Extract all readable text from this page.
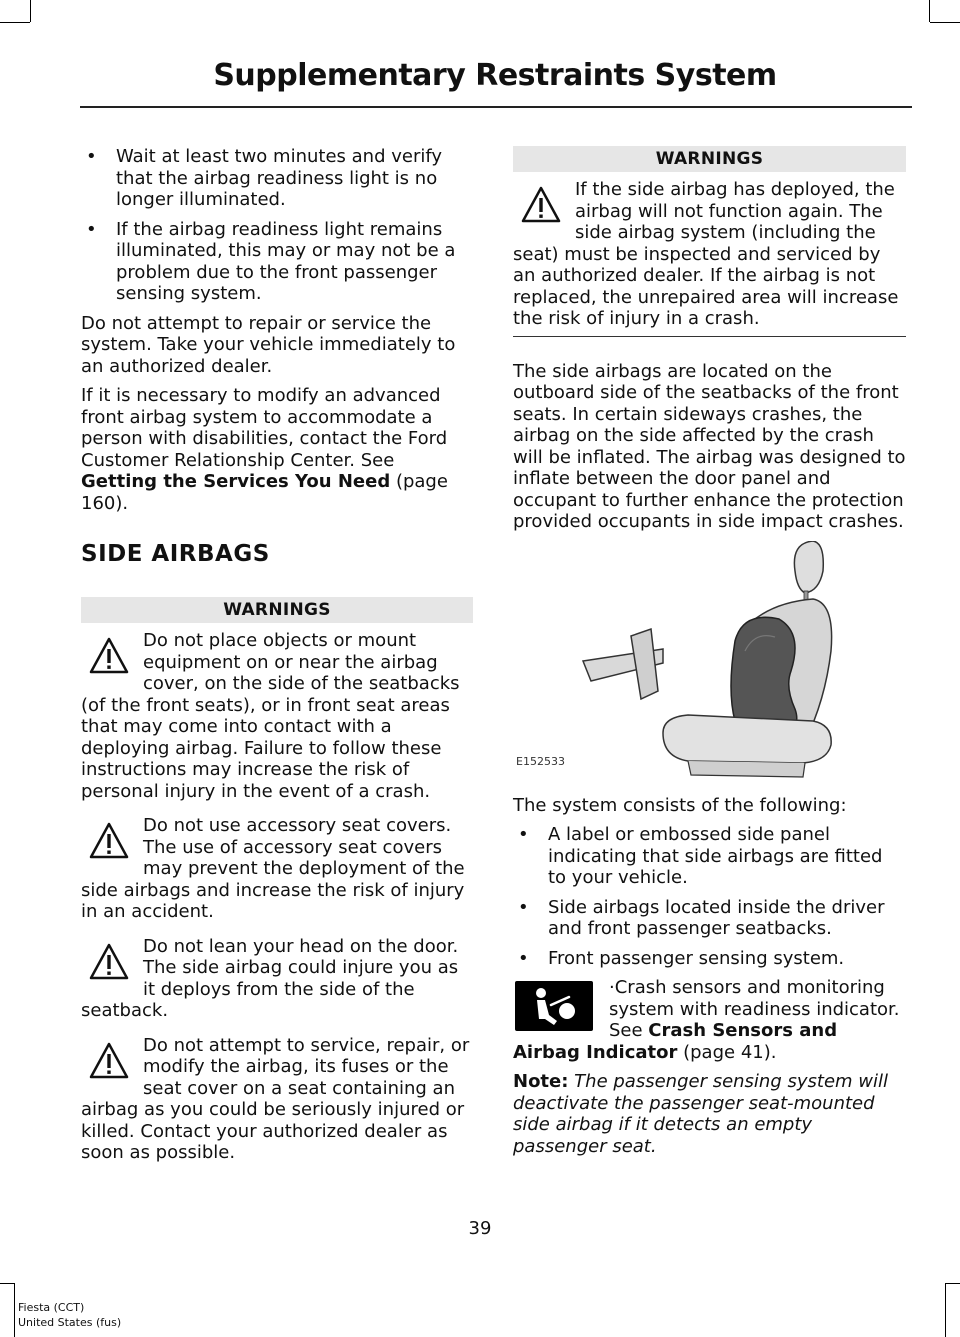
Supplementary Restraints System
• Wait at least two minutes and verify that the airbag readiness light is no longer illuminated.
• If the airbag readiness light remains illuminated, this may or may not be a problem due to the front passenger sensing system.

Do not attempt to repair or service the system. Take your vehicle immediately to an authorized dealer.

If it is necessary to modify an advanced front airbag system to accommodate a person with disabilities, contact the Ford Customer Relationship Center. See Getting the Services You Need (page 160).

SIDE AIRBAGS
WARNINGS
Do not place objects or mount equipment on or near the airbag cover, on the side of the seatbacks (of the front seats), or in front seat areas that may come into contact with a deploying airbag. Failure to follow these instructions may increase the risk of personal injury in the event of a crash.
Do not use accessory seat covers. The use of accessory seat covers may prevent the deployment of the side airbags and increase the risk of injury in an accident.
Do not lean your head on the door. The side airbag could injure you as it deploys from the side of the seatback.
Do not attempt to service, repair, or modify the airbag, its fuses or the seat cover on a seat containing an airbag as you could be seriously injured or killed. Contact your authorized dealer as soon as possible.
WARNINGS
If the side airbag has deployed, the airbag will not function again. The side airbag system (including the seat) must be inspected and serviced by an authorized dealer. If the airbag is not replaced, the unrepaired area will increase the risk of injury in a crash.

The side airbags are located on the outboard side of the seatbacks of the front seats. In certain sideways crashes, the airbag on the side affected by the crash will be inflated. The airbag was designed to inflate between the door panel and occupant to further enhance the protection provided occupants in side impact crashes.

E152533

The system consists of the following:

• A label or embossed side panel indicating that side airbags are fitted to your vehicle.
• Side airbags located inside the driver and front passenger seatbacks.
• Front passenger sensing system.
·Crash sensors and monitoring system with readiness indicator. See Crash Sensors and Airbag Indicator (page 41).

Note: The passenger sensing system will deactivate the passenger seat-mounted side airbag if it detects an empty passenger seat.

39
Fiesta (CCT)
United States (fus)
